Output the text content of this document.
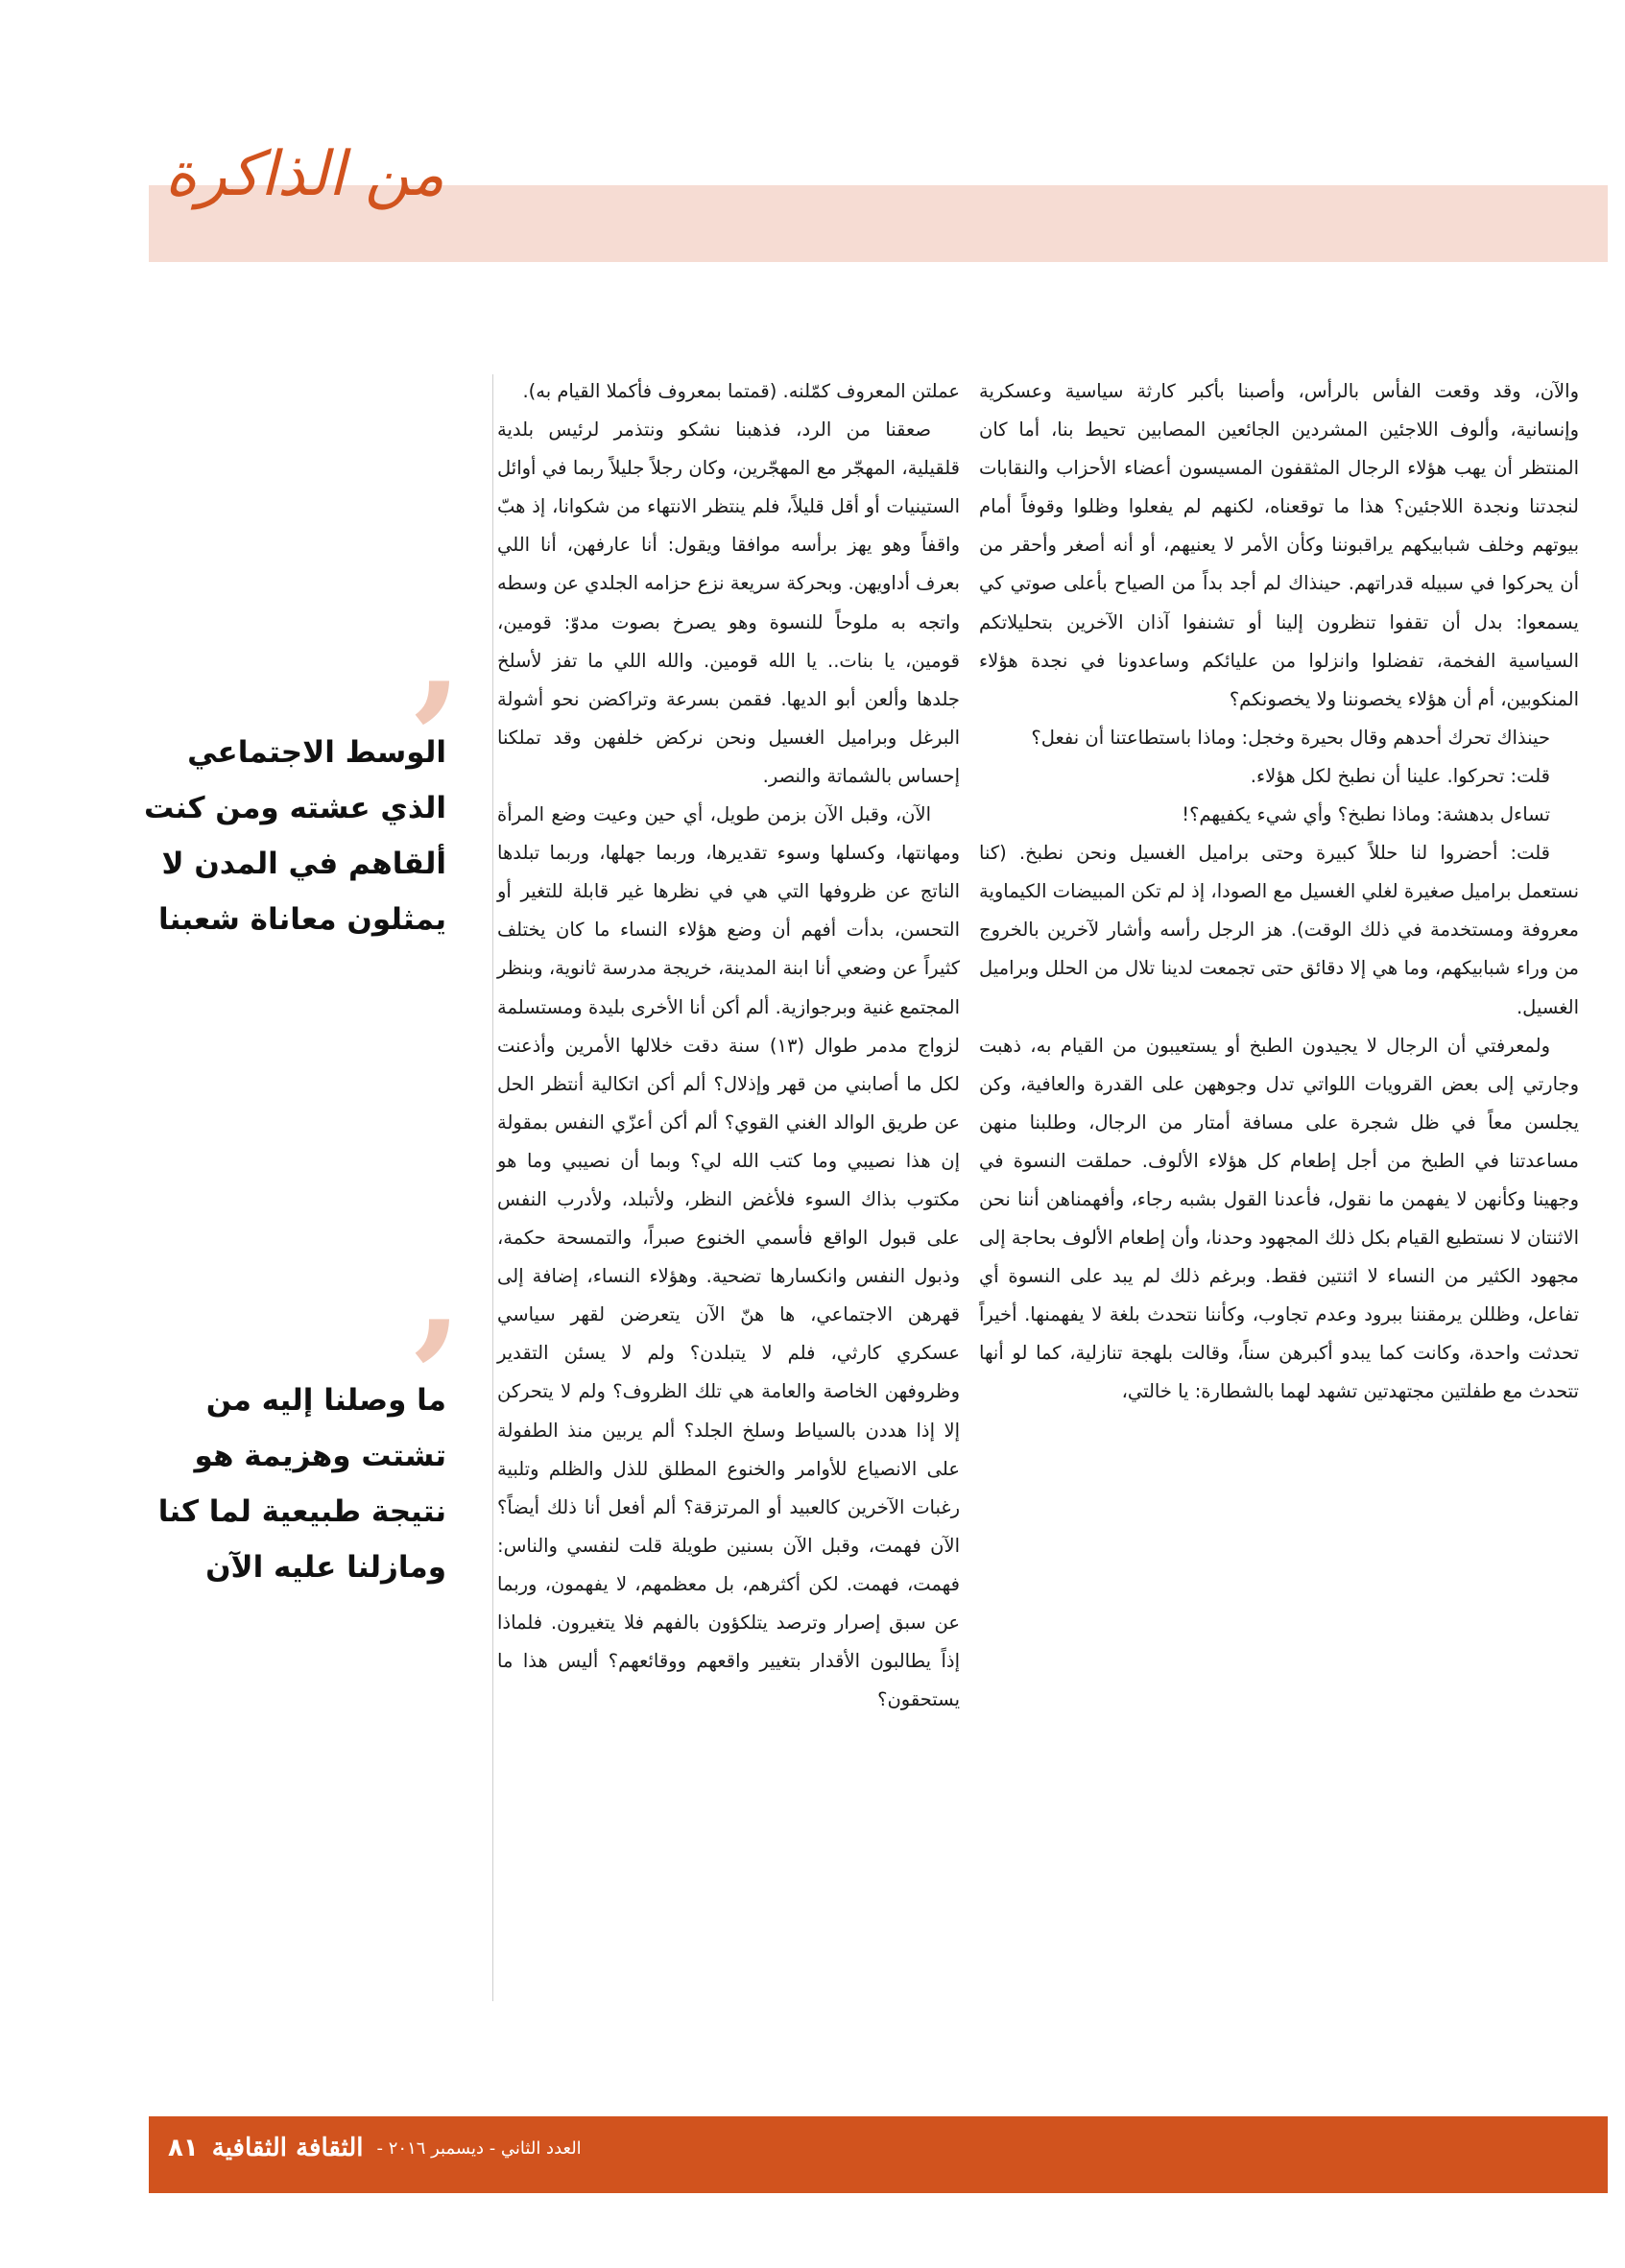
من الذاكرة

والآن، وقد وقعت الفأس بالرأس، وأصبنا بأكبر كارثة سياسية وعسكرية وإنسانية، وألوف اللاجئين المشردين الجائعين المصابين تحيط بنا، أما كان المنتظر أن يهب هؤلاء الرجال المثقفون المسيسون أعضاء الأحزاب والنقابات لنجدتنا ونجدة اللاجئين؟ هذا ما توقعناه، لكنهم لم يفعلوا وظلوا وقوفاً أمام بيوتهم وخلف شبابيكهم يراقبوننا وكأن الأمر لا يعنيهم، أو أنه أصغر وأحقر من أن يحركوا في سبيله قدراتهم. حينذاك لم أجد بداً من الصياح بأعلى صوتي كي يسمعوا: بدل أن تقفوا تنظرون إلينا أو تشنفوا آذان الآخرين بتحليلاتكم السياسية الفخمة، تفضلوا وانزلوا من عليائكم وساعدونا في نجدة هؤلاء المنكوبين، أم أن هؤلاء يخصوننا ولا يخصونكم؟

حينذاك تحرك أحدهم وقال بحيرة وخجل: وماذا باستطاعتنا أن نفعل؟

قلت: تحركوا. علينا أن نطبخ لكل هؤلاء.

تساءل بدهشة: وماذا نطبخ؟ وأي شيء يكفيهم؟!

قلت: أحضروا لنا حللاً كبيرة وحتى براميل الغسيل ونحن نطبخ. (كنا نستعمل براميل صغيرة لغلي الغسيل مع الصودا، إذ لم تكن المبيضات الكيماوية معروفة ومستخدمة في ذلك الوقت). هز الرجل رأسه وأشار لآخرين بالخروج من وراء شبابيكهم، وما هي إلا دقائق حتى تجمعت لدينا تلال من الحلل وبراميل الغسيل.

ولمعرفتي أن الرجال لا يجيدون الطبخ أو يستعيبون من القيام به، ذهبت وجارتي إلى بعض القرويات اللواتي تدل وجوههن على القدرة والعافية، وكن يجلسن معاً في ظل شجرة على مسافة أمتار من الرجال، وطلبنا منهن مساعدتنا في الطبخ من أجل إطعام كل هؤلاء الألوف. حملقت النسوة في وجهينا وكأنهن لا يفهمن ما نقول، فأعدنا القول بشبه رجاء، وأفهمناهن أننا نحن الاثنتان لا نستطيع القيام بكل ذلك المجهود وحدنا، وأن إطعام الألوف بحاجة إلى مجهود الكثير من النساء لا اثنتين فقط. وبرغم ذلك لم يبد على النسوة أي تفاعل، وظللن يرمقننا ببرود وعدم تجاوب، وكأننا نتحدث بلغة لا يفهمنها. أخيراً تحدثت واحدة، وكانت كما يبدو أكبرهن سناً، وقالت بلهجة تنازلية، كما لو أنها تتحدث مع طفلتين مجتهدتين تشهد لهما بالشطارة: يا خالتي،

عملتن المعروف كمّلنه. (قمتما بمعروف فأكملا القيام به).

صعقنا من الرد، فذهبنا نشكو ونتذمر لرئيس بلدية قلقيلية، المهجّر مع المهجّرين، وكان رجلاً جليلاً ربما في أوائل الستينيات أو أقل قليلاً، فلم ينتظر الانتهاء من شكوانا، إذ هبّ واقفاً وهو يهز برأسه موافقا ويقول: أنا عارفهن، أنا اللي بعرف أداويهن. وبحركة سريعة نزع حزامه الجلدي عن وسطه واتجه به ملوحاً للنسوة وهو يصرخ بصوت مدوّ: قومين، قومين، يا بنات.. يا الله قومين. والله اللي ما تفز لأسلخ جلدها وألعن أبو الديها. فقمن بسرعة وتراكضن نحو أشولة البرغل وبراميل الغسيل ونحن نركض خلفهن وقد تملكنا إحساس بالشماتة والنصر.

الآن، وقبل الآن بزمن طويل، أي حين وعيت وضع المرأة ومهانتها، وكسلها وسوء تقديرها، وربما جهلها، وربما تبلدها الناتج عن ظروفها التي هي في نظرها غير قابلة للتغير أو التحسن، بدأت أفهم أن وضع هؤلاء النساء ما كان يختلف كثيراً عن وضعي أنا ابنة المدينة، خريجة مدرسة ثانوية، وبنظر المجتمع غنية وبرجوازية. ألم أكن أنا الأخرى بليدة ومستسلمة لزواج مدمر طوال (١٣) سنة دقت خلالها الأمرين وأذعنت لكل ما أصابني من قهر وإذلال؟ ألم أكن اتكالية أنتظر الحل عن طريق الوالد الغني القوي؟ ألم أكن أعزّي النفس بمقولة إن هذا نصيبي وما كتب الله لي؟ وبما أن نصيبي وما هو مكتوب بذاك السوء فلأغض النظر، ولأتبلد، ولأدرب النفس على قبول الواقع فأسمي الخنوع صبراً، والتمسحة حكمة، وذبول النفس وانكسارها تضحية. وهؤلاء النساء، إضافة إلى قهرهن الاجتماعي، ها هنّ الآن يتعرضن لقهر سياسي عسكري كارثي، فلم لا يتبلدن؟ ولم لا يسئن التقدير وظروفهن الخاصة والعامة هي تلك الظروف؟ ولم لا يتحركن إلا إذا هددن بالسياط وسلخ الجلد؟ ألم يربين منذ الطفولة على الانصياع للأوامر والخنوع المطلق للذل والظلم وتلبية رغبات الآخرين كالعبيد أو المرتزقة؟ ألم أفعل أنا ذلك أيضاً؟ الآن فهمت، وقبل الآن بسنين طويلة قلت لنفسي والناس: فهمت، فهمت. لكن أكثرهم، بل معظمهم، لا يفهمون، وربما عن سبق إصرار وترصد يتلكؤون بالفهم فلا يتغيرون. فلماذا إذاً يطالبون الأقدار بتغيير واقعهم ووقائعهم؟ أليس هذا ما يستحقون؟

’
الوسط الاجتماعي الذي عشته ومن كنت ألقاهم في المدن لا يمثلون معاناة شعبنا
’
ما وصلنا إليه من تشتت وهزيمة هو نتيجة طبيعية لما كنا ومازلنا عليه الآن
العدد الثاني - ديسمبر ٢٠١٦ -
الثقافة الثقافية
٨١
